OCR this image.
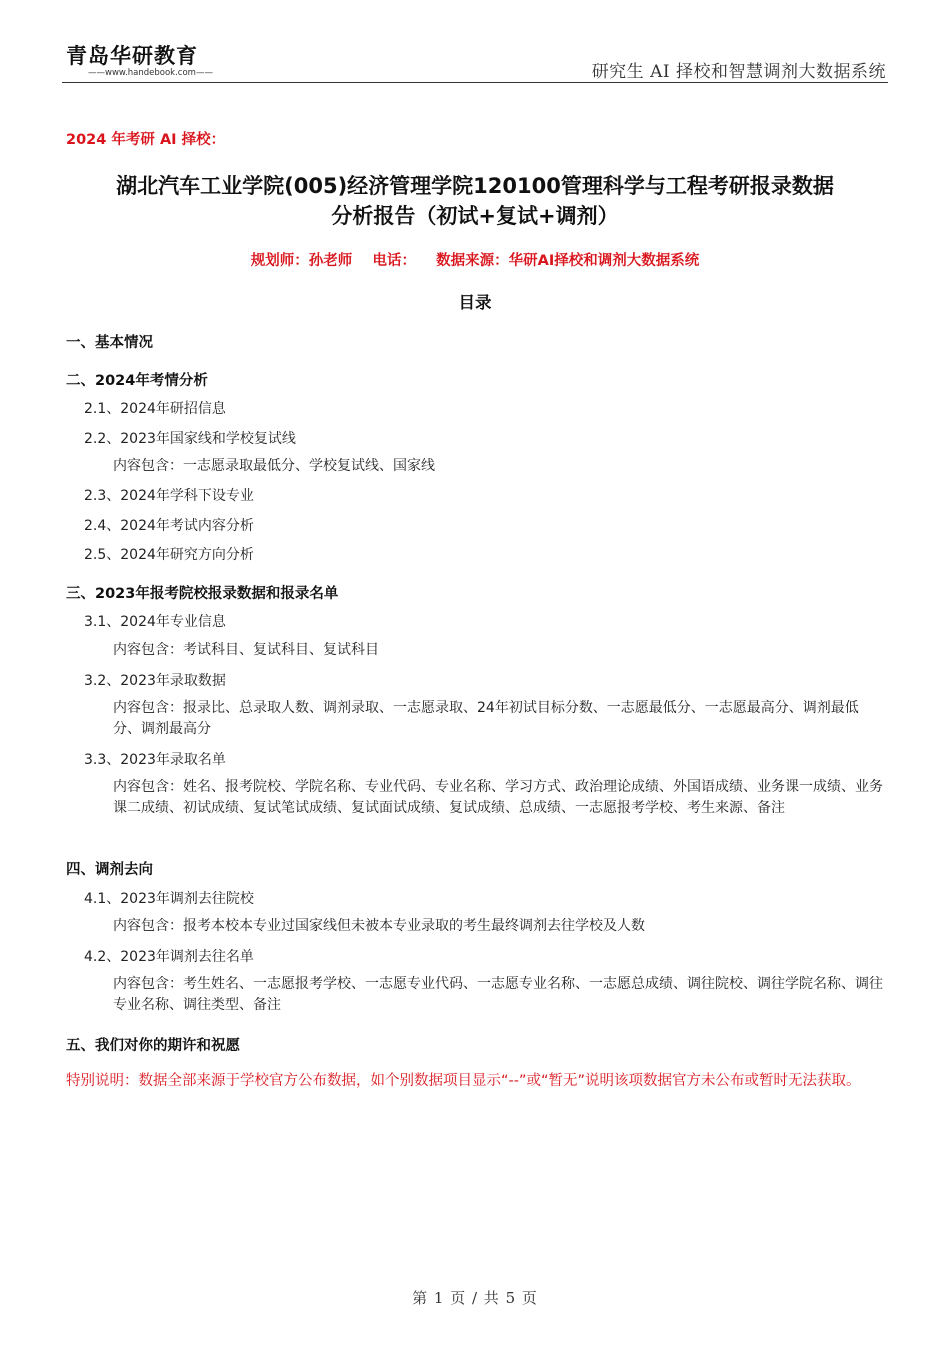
青岛华研教育
——www.handebook.com——	研究生 AI 择校和智慧调剂大数据系统
2024 年考研 AI 择校：
湖北汽车工业学院(005)经济管理学院120100管理科学与工程考研报录数据
分析报告（初试+复试+调剂）
规划师：孙老师    电话：    数据来源：华研AI择校和调剂大数据系统
目录
一、基本情况
二、2024年考情分析
2.1、2024年研招信息
2.2、2023年国家线和学校复试线
内容包含：一志愿录取最低分、学校复试线、国家线
2.3、2024年学科下设专业
2.4、2024年考试内容分析
2.5、2024年研究方向分析
三、2023年报考院校报录数据和报录名单
3.1、2024年专业信息
内容包含：考试科目、复试科目、复试科目
3.2、2023年录取数据
内容包含：报录比、总录取人数、调剂录取、一志愿录取、24年初试目标分数、一志愿最低分、一志愿最高分、调剂最低分、调剂最高分
3.3、2023年录取名单
内容包含：姓名、报考院校、学院名称、专业代码、专业名称、学习方式、政治理论成绩、外国语成绩、业务课一成绩、业务课二成绩、初试成绩、复试笔试成绩、复试面试成绩、复试成绩、总成绩、一志愿报考学校、考生来源、备注
四、调剂去向
4.1、2023年调剂去往院校
内容包含：报考本校本专业过国家线但未被本专业录取的考生最终调剂去往学校及人数
4.2、2023年调剂去往名单
内容包含：考生姓名、一志愿报考学校、一志愿专业代码、一志愿专业名称、一志愿总成绩、调往院校、调往学院名称、调往专业名称、调往类型、备注
五、我们对你的期许和祝愿
特别说明：数据全部来源于学校官方公布数据，如个别数据项目显示“--”或“暂无”说明该项数据官方未公布或暂时无法获取。
第 1 页 / 共 5 页
